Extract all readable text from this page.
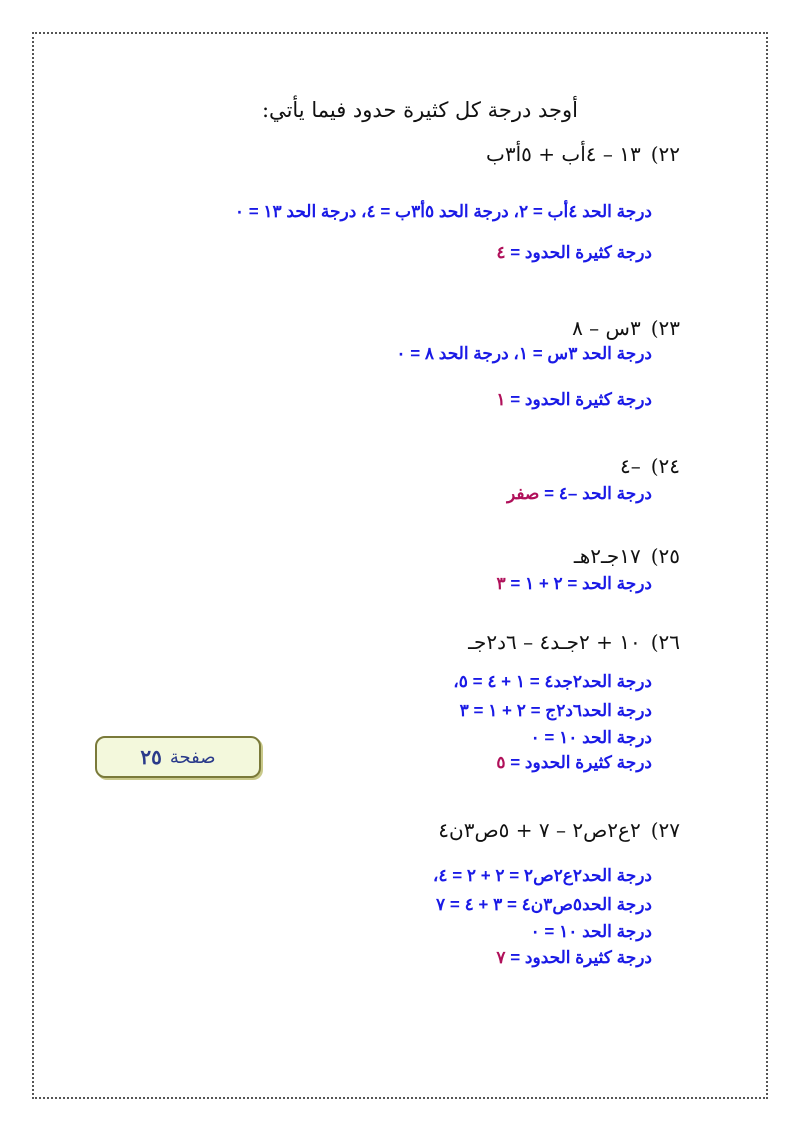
أوجد درجة كل كثيرة حدود فيما يأتي:
٢٢)١٣ – ٤أب + ٥أ٣ب
درجة الحد ٤أب = ٢، درجة الحد ٥أ٣ب = ٤، درجة الحد ١٣ = ٠
درجة كثيرة الحدود = ٤
٢٣)٣س – ٨
درجة الحد ٣س = ١، درجة الحد ٨ = ٠
درجة كثيرة الحدود = ١
٢٤)–٤
درجة الحد –٤ = صفر
٢٥)١٧جـ٢هـ
درجة الحد = ٢ + ١ = ٣
٢٦)١٠ + ٢جـد٤ – ٦د٢جـ
درجة الحد٢جد٤ = ١ + ٤ = ٥،
درجة الحد٦د٢ج = ٢ + ١ = ٣
درجة الحد ١٠ = ٠
درجة كثيرة الحدود = ٥
٢٧)٢ع٢ص٢ – ٧ + ٥ص٣ن٤
درجة الحد٢ع٢ص٢ = ٢ + ٢ = ٤،
درجة الحد٥ص٣ن٤ = ٣ + ٤ = ٧
درجة الحد ١٠ = ٠
درجة كثيرة الحدود = ٧
صفحة
٢٥
